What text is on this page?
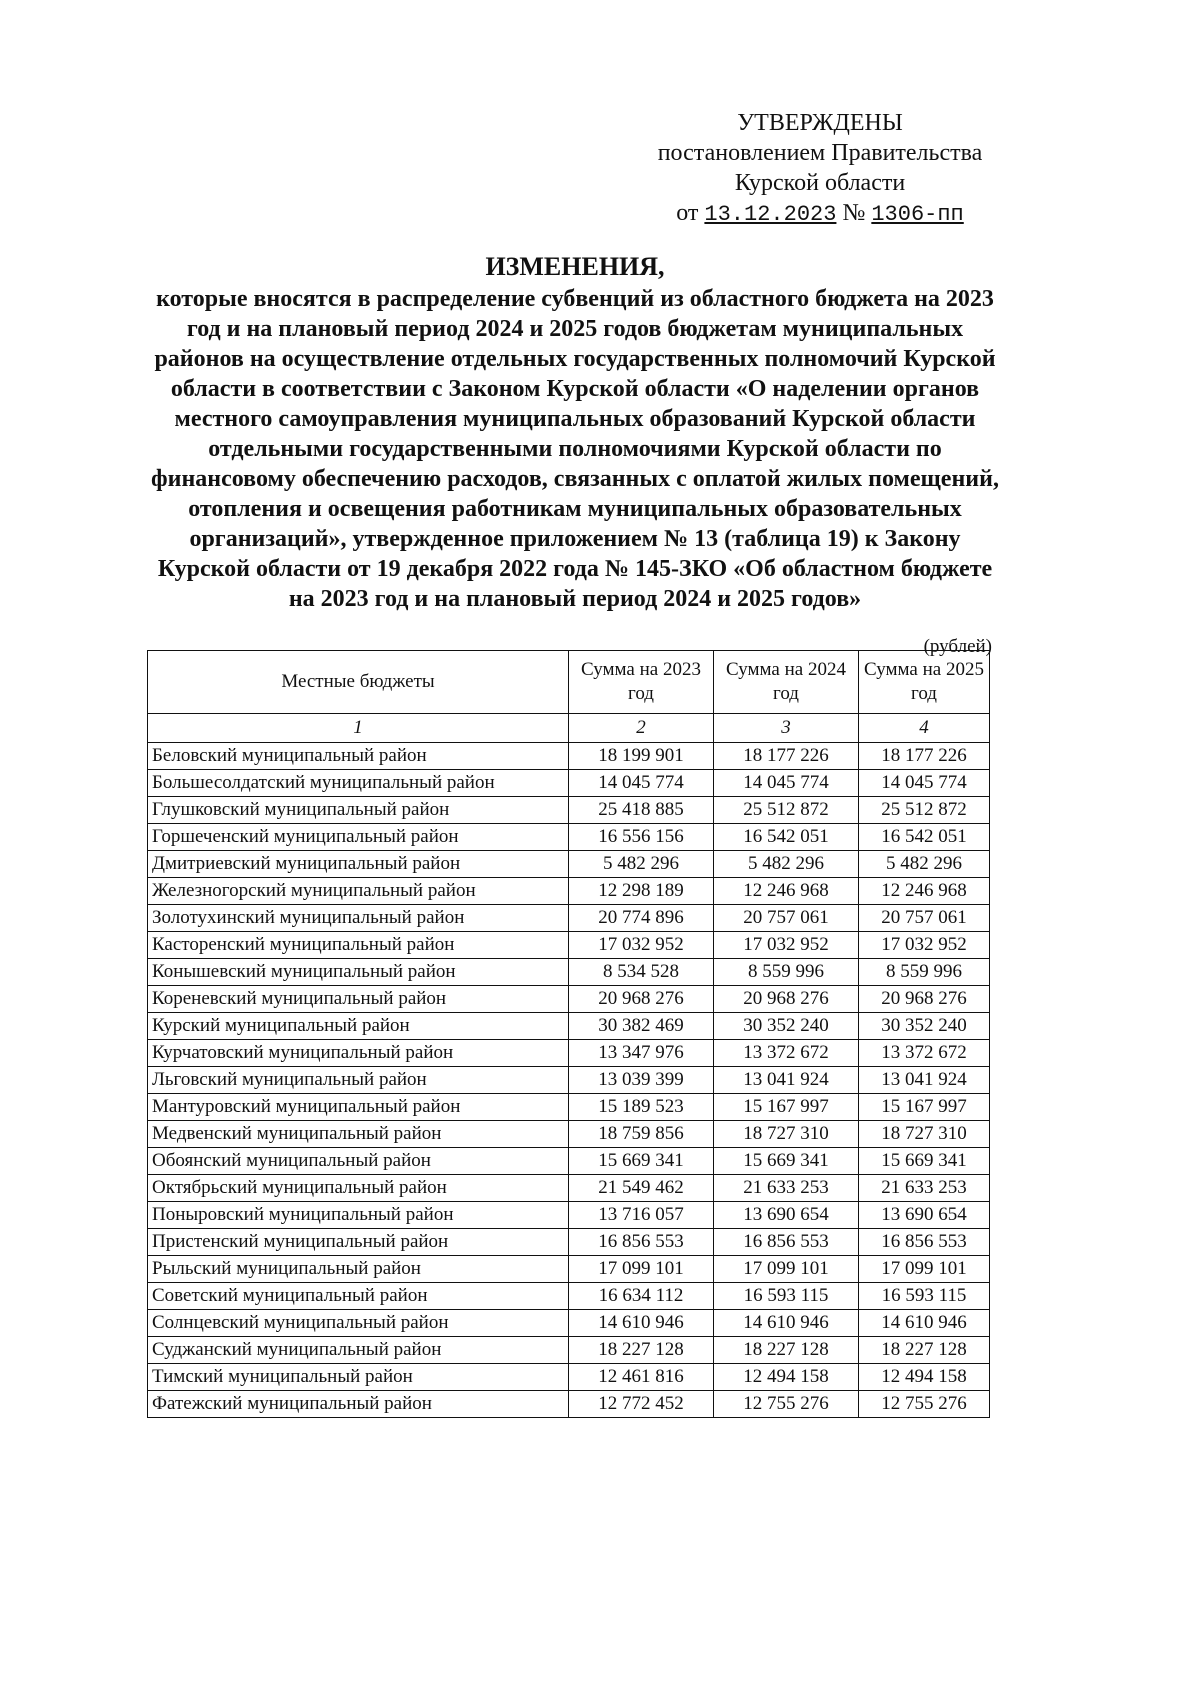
УТВЕРЖДЕНЫ
постановлением Правительства
Курской области
от 13.12.2023 № 1306-пп
ИЗМЕНЕНИЯ,
которые вносятся в распределение субвенций из областного бюджета на 2023 год и на плановый период 2024 и 2025 годов бюджетам муниципальных районов на осуществление отдельных государственных полномочий Курской области в соответствии с Законом Курской области «О наделении органов местного самоуправления муниципальных образований Курской области отдельными государственными полномочиями Курской области по финансовому обеспечению расходов, связанных с оплатой жилых помещений, отопления и освещения работникам муниципальных образовательных организаций», утвержденное приложением № 13 (таблица 19) к Закону Курской области от 19 декабря 2022 года № 145-ЗКО «Об областном бюджете на 2023 год и на плановый период 2024 и 2025 годов»
(рублей)
Местные бюджеты	Сумма на 2023 год	Сумма на 2024 год	Сумма на 2025 год
1	2	3	4
Беловский муниципальный район	18 199 901	18 177 226	18 177 226
Большесолдатский муниципальный район	14 045 774	14 045 774	14 045 774
Глушковский муниципальный район	25 418 885	25 512 872	25 512 872
Горшеченский муниципальный район	16 556 156	16 542 051	16 542 051
Дмитриевский муниципальный район	5 482 296	5 482 296	5 482 296
Железногорский муниципальный район	12 298 189	12 246 968	12 246 968
Золотухинский муниципальный район	20 774 896	20 757 061	20 757 061
Касторенский муниципальный район	17 032 952	17 032 952	17 032 952
Конышевский муниципальный район	8 534 528	8 559 996	8 559 996
Кореневский муниципальный район	20 968 276	20 968 276	20 968 276
Курский муниципальный район	30 382 469	30 352 240	30 352 240
Курчатовский муниципальный район	13 347 976	13 372 672	13 372 672
Льговский муниципальный район	13 039 399	13 041 924	13 041 924
Мантуровский муниципальный район	15 189 523	15 167 997	15 167 997
Медвенский муниципальный район	18 759 856	18 727 310	18 727 310
Обоянский муниципальный район	15 669 341	15 669 341	15 669 341
Октябрьский муниципальный район	21 549 462	21 633 253	21 633 253
Поныровский муниципальный район	13 716 057	13 690 654	13 690 654
Пристенский муниципальный район	16 856 553	16 856 553	16 856 553
Рыльский муниципальный район	17 099 101	17 099 101	17 099 101
Советский муниципальный район	16 634 112	16 593 115	16 593 115
Солнцевский муниципальный район	14 610 946	14 610 946	14 610 946
Суджанский муниципальный район	18 227 128	18 227 128	18 227 128
Тимский муниципальный район	12 461 816	12 494 158	12 494 158
Фатежский муниципальный район	12 772 452	12 755 276	12 755 276
